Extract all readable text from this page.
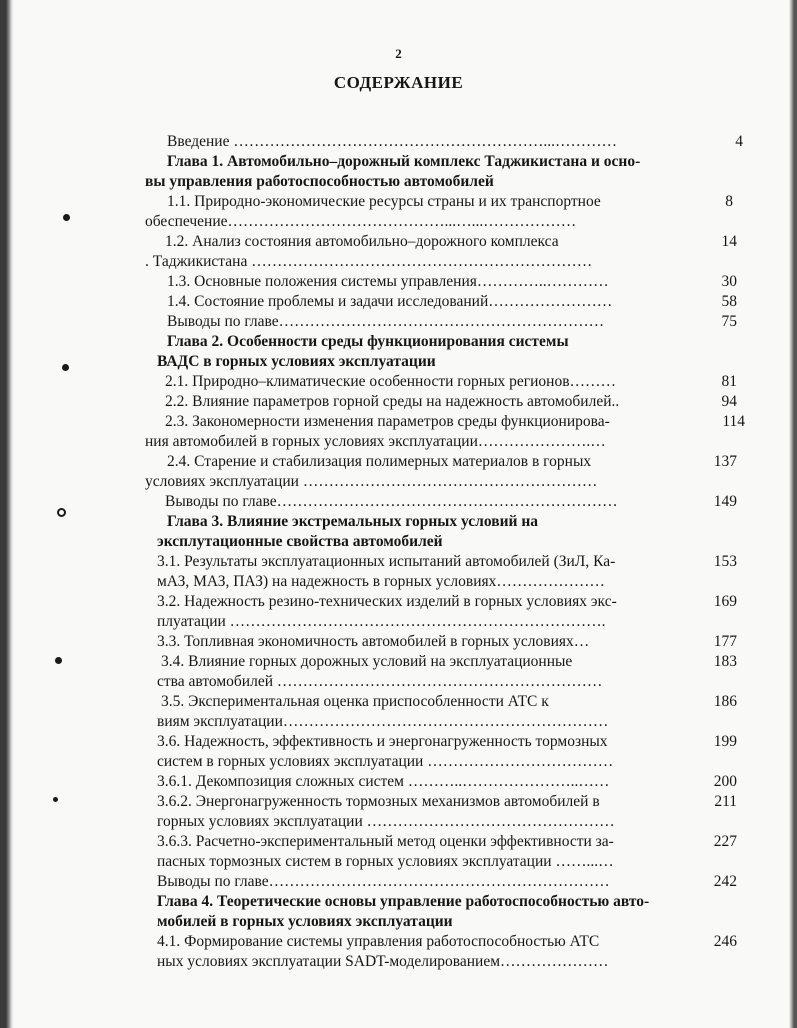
2
СОДЕРЖАНИЕ
Введение ……………………………………………………...…………	4
Глава 1. Автомобильно–дорожный комплекс Таджикистана и осно-
вы управления работоспособностью автомобилей
1.1. Природно-экономические ресурсы страны и их транспортное	8
обеспечение……………………………………...…...………………
1.2. Анализ состояния автомобильно–дорожного комплекса	14
. Таджикистана …………………………………………………………
1.3. Основные положения системы управления…………..…………	30
1.4. Состояние проблемы и задачи исследований……………………	58
Выводы по главе………………………………………………………	75
Глава 2. Особенности среды функционирования системы
ВАДС в горных условиях эксплуатации
2.1. Природно–климатические особенности горных регионов………	81
2.2. Влияние параметров горной среды на надежность автомобилей..	94
2.3. Закономерности изменения параметров среды функционирова-	114
ния автомобилей в горных условиях эксплуатации………………….…
2.4. Старение и стабилизация полимерных материалов в горных	137
условиях эксплуатации …………………………………………………
Выводы по главе…………………………………………………………	149
Глава 3. Влияние экстремальных горных условий на
эксплутационные свойства автомобилей
3.1. Результаты эксплуатационных испытаний автомобилей (ЗиЛ, Ка-	153
мАЗ, МАЗ, ПАЗ) на надежность в горных условиях…………………
3.2. Надежность резино-технических изделий в горных условиях экс-	169
плуатации ……………………………………………………………….
3.3. Топливная экономичность автомобилей в горных условиях…	177
3.4. Влияние горных дорожных условий на эксплуатационные	183
ства автомобилей ………………………………………………………
3.5. Экспериментальная оценка приспособленности АТС к	186
виям эксплуатации………………………………………………………
3.6. Надежность, эффективность и энергонагруженность тормозных	199
систем в горных условиях эксплуатации ………………………………
3.6.1. Декомпозиция сложных систем ………..…………………..……	200
3.6.2. Энергонагруженность тормозных механизмов автомобилей в	211
горных условиях эксплуатации …………………………………………
3.6.3. Расчетно-экспериментальный метод оценки эффективности за-	227
пасных тормозных систем в горных условиях эксплуатации ……...…
Выводы по главе…………………………………………………………	242
Глава 4. Теоретические основы управление работоспособностью авто-
мобилей в горных условиях эксплуатации
4.1. Формирование системы управления работоспособностью АТС	246
ных условиях эксплуатации SADT-моделированием…………………
